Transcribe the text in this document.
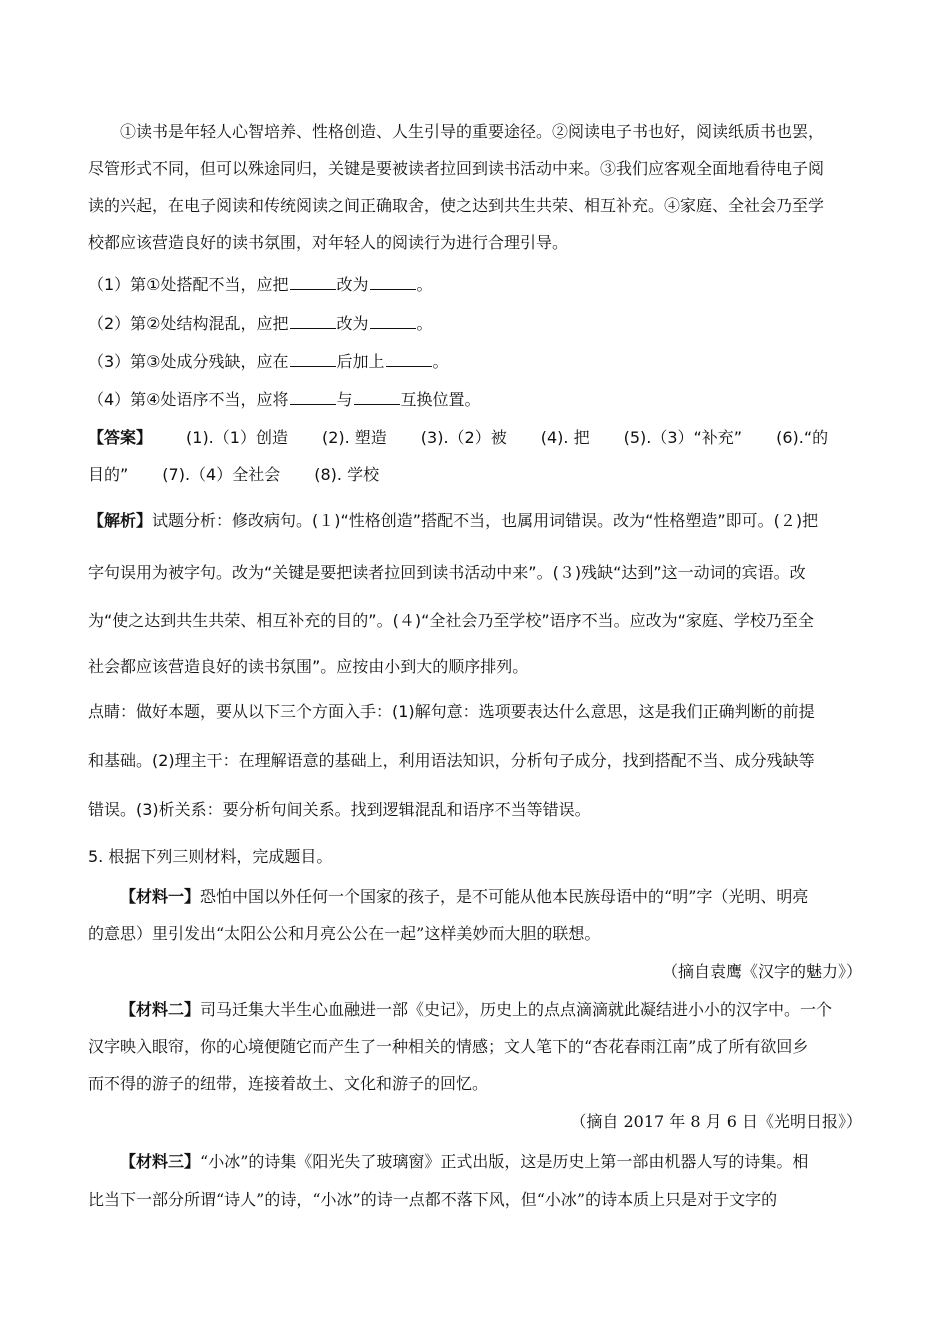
①读书是年轻人心智培养、性格创造、人生引导的重要途径。②阅读电子书也好，阅读纸质书也罢，
尽管形式不同，但可以殊途同归，关键是要被读者拉回到读书活动中来。③我们应客观全面地看待电子阅
读的兴起，在电子阅读和传统阅读之间正确取舍，使之达到共生共荣、相互补充。④家庭、全社会乃至学
校都应该营造良好的读书氛围，对年轻人的阅读行为进行合理引导。
（1）第①处搭配不当，应把	改为	。
（2）第②处结构混乱，应把	改为	。
（3）第③处成分残缺，应在	后加上	。
（4）第④处语序不当，应将	与	互换位置。
【答案】 (1).（1）创造 (2). 塑造 (3).（2）被 (4). 把 (5).（3）“补充” (6).“的
目的” (7).（4）全社会 (8). 学校
【解析】试题分析：修改病句。(１)“性格创造”搭配不当，也属用词错误。改为“性格塑造”即可。(２)把
字句误用为被字句。改为“关键是要把读者拉回到读书活动中来”。(３)残缺“达到”这一动词的宾语。改
为“使之达到共生共荣、相互补充的目的”。(４)“全社会乃至学校”语序不当。应改为“家庭、学校乃至全
社会都应该营造良好的读书氛围”。应按由小到大的顺序排列。
点睛：做好本题，要从以下三个方面入手：(1)解句意：选项要表达什么意思，这是我们正确判断的前提
和基础。(2)理主干：在理解语意的基础上，利用语法知识，分析句子成分，找到搭配不当、成分残缺等
错误。(3)析关系：要分析句间关系。找到逻辑混乱和语序不当等错误。
5. 根据下列三则材料，完成题目。
【材料一】恐怕中国以外任何一个国家的孩子，是不可能从他本民族母语中的“明”字（光明、明亮
的意思）里引发出“太阳公公和月亮公公在一起”这样美妙而大胆的联想。
（摘自袁鹰《汉字的魅力》）
【材料二】司马迁集大半生心血融进一部《史记》，历史上的点点滴滴就此凝结进小小的汉字中。一个
汉字映入眼帘，你的心境便随它而产生了一种相关的情感；文人笔下的“杏花春雨江南”成了所有欲回乡
而不得的游子的纽带，连接着故土、文化和游子的回忆。
（摘自 2017 年 8 月 6 日《光明日报》）
【材料三】“小冰”的诗集《阳光失了玻璃窗》正式出版，这是历史上第一部由机器人写的诗集。相
比当下一部分所谓“诗人”的诗，“小冰”的诗一点都不落下风，但“小冰”的诗本质上只是对于文字的
